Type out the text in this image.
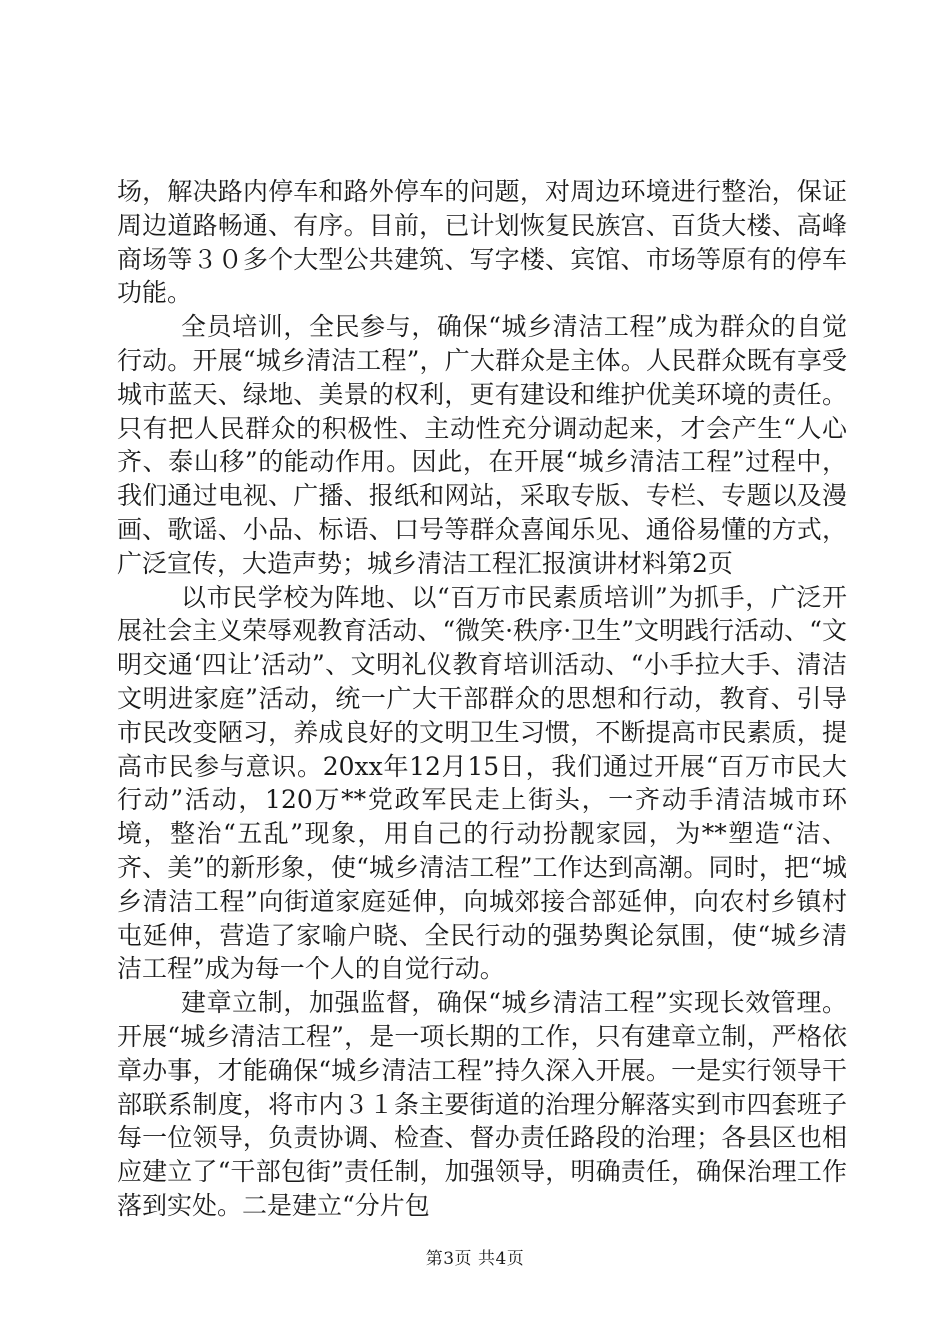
场，解决路内停车和路外停车的问题，对周边环境进行整治，保证周边道路畅通、有序。目前，已计划恢复民族宫、百货大楼、高峰商场等３０多个大型公共建筑、写字楼、宾馆、市场等原有的停车功能。

全员培训，全民参与，确保“城乡清洁工程”成为群众的自觉行动。开展“城乡清洁工程”，广大群众是主体。人民群众既有享受城市蓝天、绿地、美景的权利，更有建设和维护优美环境的责任。只有把人民群众的积极性、主动性充分调动起来，才会产生“人心齐、泰山移”的能动作用。因此，在开展“城乡清洁工程”过程中，我们通过电视、广播、报纸和网站，采取专版、专栏、专题以及漫画、歌谣、小品、标语、口号等群众喜闻乐见、通俗易懂的方式，广泛宣传，大造声势；城乡清洁工程汇报演讲材料第2页

以市民学校为阵地、以“百万市民素质培训”为抓手，广泛开展社会主义荣辱观教育活动、“微笑·秩序·卫生”文明践行活动、“文明交通‘四让’活动”、文明礼仪教育培训活动、“小手拉大手、清洁文明进家庭”活动，统一广大干部群众的思想和行动，教育、引导市民改变陋习，养成良好的文明卫生习惯，不断提高市民素质，提高市民参与意识。20xx年12月15日，我们通过开展“百万市民大行动”活动，120万**党政军民走上街头，一齐动手清洁城市环境，整治“五乱”现象，用自己的行动扮靓家园，为**塑造“洁、齐、美”的新形象，使“城乡清洁工程”工作达到高潮。同时，把“城乡清洁工程”向街道家庭延伸，向城郊接合部延伸，向农村乡镇村屯延伸，营造了家喻户晓、全民行动的强势舆论氛围，使“城乡清洁工程”成为每一个人的自觉行动。

建章立制，加强监督，确保“城乡清洁工程”实现长效管理。开展“城乡清洁工程”，是一项长期的工作，只有建章立制，严格依章办事，才能确保“城乡清洁工程”持久深入开展。一是实行领导干部联系制度，将市内３１条主要街道的治理分解落实到市四套班子每一位领导，负责协调、检查、督办责任路段的治理；各县区也相应建立了“干部包街”责任制，加强领导，明确责任，确保治理工作落到实处。二是建立“分片包

第3页 共4页
